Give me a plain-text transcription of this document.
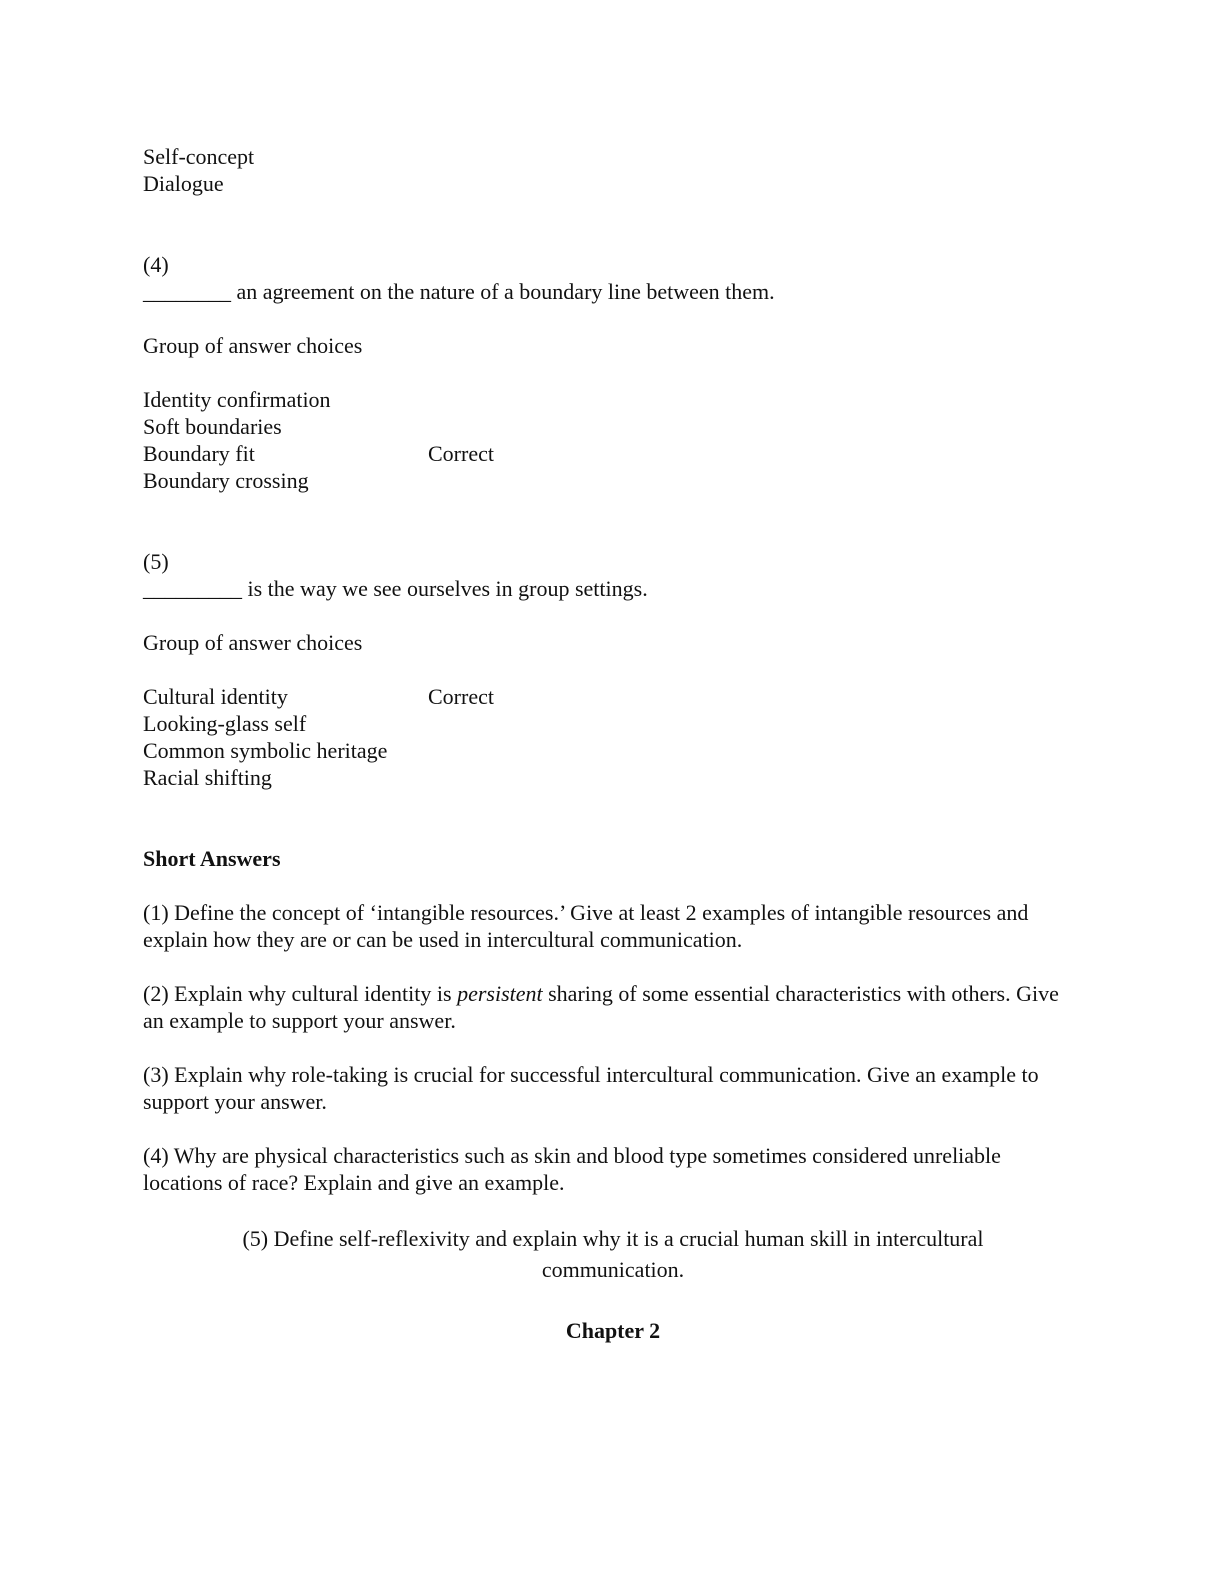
Self-concept
Dialogue
(4)
________ an agreement on the nature of a boundary line between them.
Group of answer choices
Identity confirmation
Soft boundaries
Boundary fit	Correct
Boundary crossing
(5)
_________ is the way we see ourselves in group settings.
Group of answer choices
Cultural identity	Correct
Looking-glass self
Common symbolic heritage
Racial shifting
Short Answers
(1) Define the concept of ‘intangible resources.’ Give at least 2 examples of intangible resources and explain how they are or can be used in intercultural communication.
(2) Explain why cultural identity is persistent sharing of some essential characteristics with others. Give an example to support your answer.
(3) Explain why role-taking is crucial for successful intercultural communication. Give an example to support your answer.
(4) Why are physical characteristics such as skin and blood type sometimes considered unreliable locations of race? Explain and give an example.
(5) Define self-reflexivity and explain why it is a crucial human skill in intercultural communication.
Chapter 2
